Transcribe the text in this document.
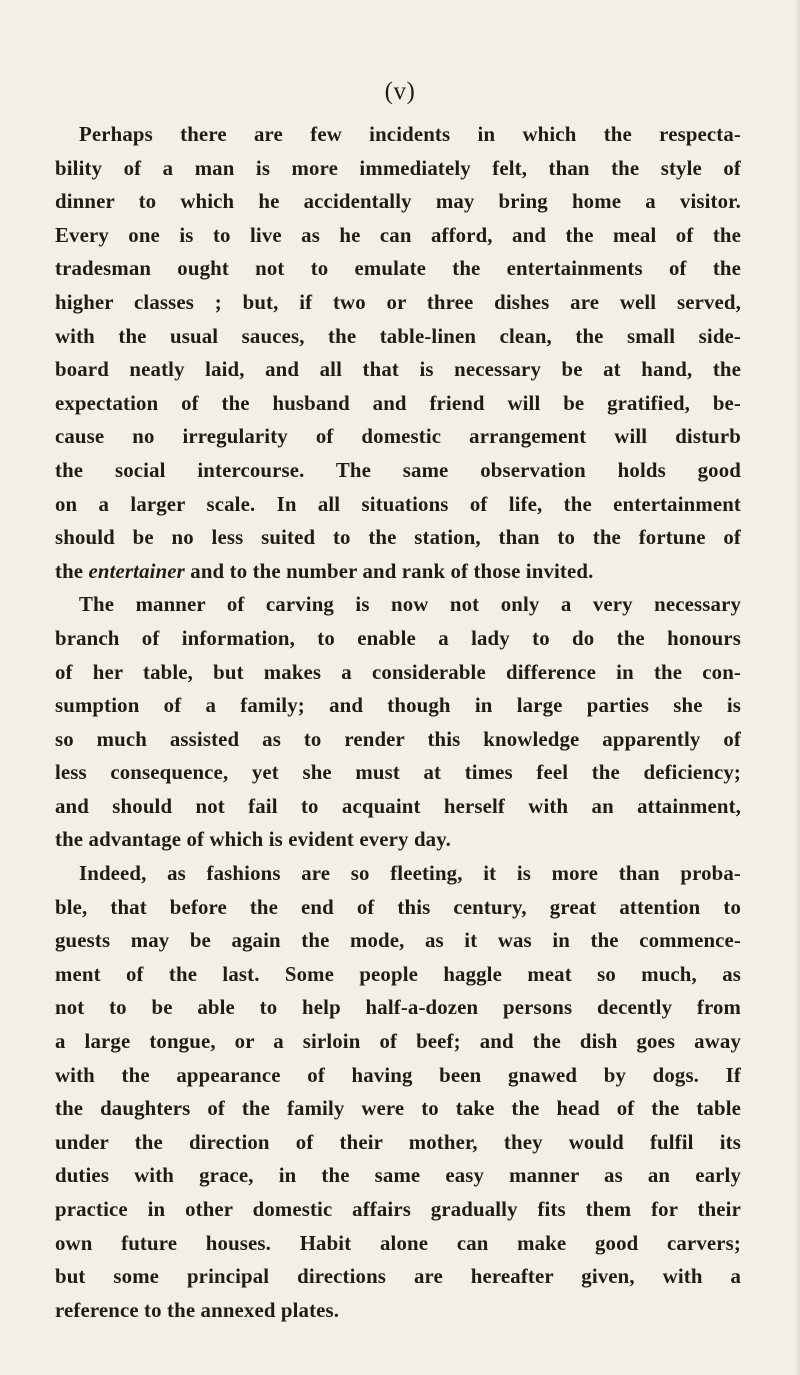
(v)
Perhaps there are few incidents in which the respecta-
bility of a man is more immediately felt, than the style of
dinner to which he accidentally may bring home a visitor.
Every one is to live as he can afford, and the meal of the
tradesman ought not to emulate the entertainments of the
higher classes ; but, if two or three dishes are well served,
with the usual sauces, the table-linen clean, the small side-
board neatly laid, and all that is necessary be at hand, the
expectation of the husband and friend will be gratified, be-
cause no irregularity of domestic arrangement will disturb
the social intercourse. The same observation holds good
on a larger scale. In all situations of life, the entertainment
should be no less suited to the station, than to the fortune of
the entertainer and to the number and rank of those invited.
The manner of carving is now not only a very necessary
branch of information, to enable a lady to do the honours
of her table, but makes a considerable difference in the con-
sumption of a family; and though in large parties she is
so much assisted as to render this knowledge apparently of
less consequence, yet she must at times feel the deficiency;
and should not fail to acquaint herself with an attainment,
the advantage of which is evident every day.
Indeed, as fashions are so fleeting, it is more than proba-
ble, that before the end of this century, great attention to
guests may be again the mode, as it was in the commence-
ment of the last. Some people haggle meat so much, as
not to be able to help half-a-dozen persons decently from
a large tongue, or a sirloin of beef; and the dish goes away
with the appearance of having been gnawed by dogs. If
the daughters of the family were to take the head of the table
under the direction of their mother, they would fulfil its
duties with grace, in the same easy manner as an early
practice in other domestic affairs gradually fits them for their
own future houses. Habit alone can make good carvers;
but some principal directions are hereafter given, with a
reference to the annexed plates.
